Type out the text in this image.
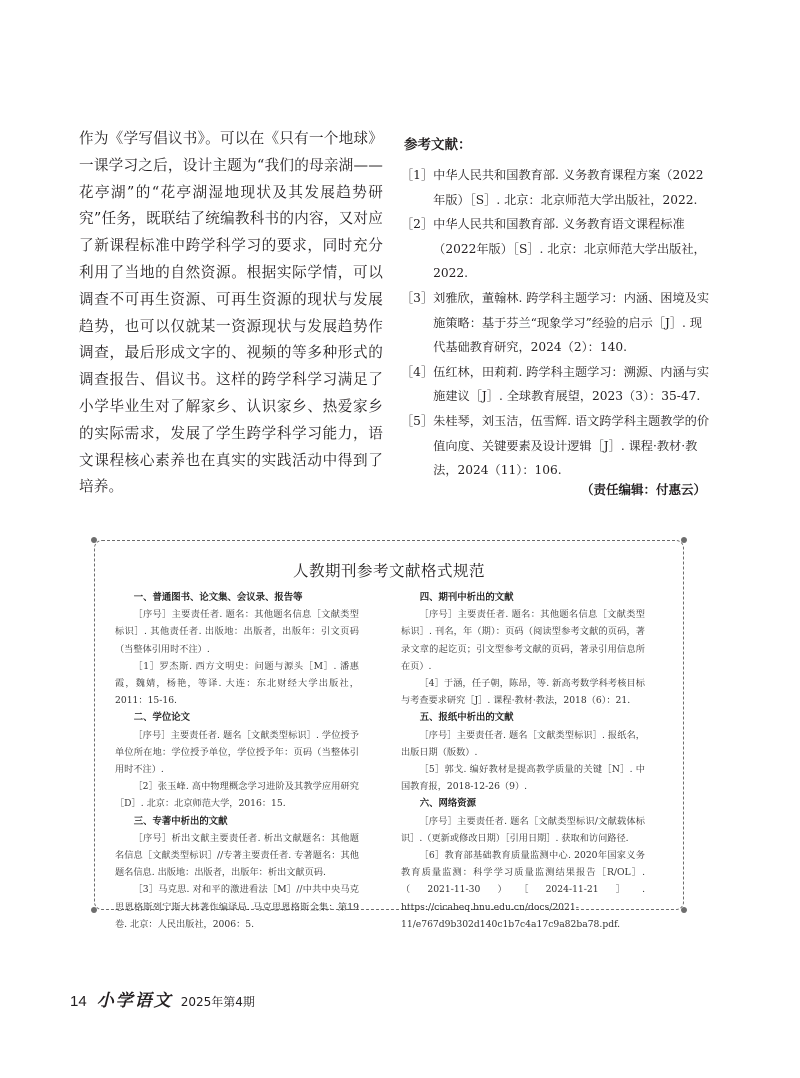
作为《学写倡议书》。可以在《只有一个地球》一课学习之后，设计主题为“我们的母亲湖——花亭湖”的“花亭湖湿地现状及其发展趋势研究”任务，既联结了统编教科书的内容，又对应了新课程标准中跨学科学习的要求，同时充分利用了当地的自然资源。根据实际学情，可以调查不可再生资源、可再生资源的现状与发展趋势，也可以仅就某一资源现状与发展趋势作调查，最后形成文字的、视频的等多种形式的调查报告、倡议书。这样的跨学科学习满足了小学毕业生对了解家乡、认识家乡、热爱家乡的实际需求，发展了学生跨学科学习能力，语文课程核心素养也在真实的实践活动中得到了培养。

参考文献：
［1］ 中华人民共和国教育部. 义务教育课程方案（2022年版）［S］. 北京：北京师范大学出版社，2022.
［2］ 中华人民共和国教育部. 义务教育语文课程标准（2022年版）［S］. 北京：北京师范大学出版社，2022.
［3］ 刘雅欣，董翰林. 跨学科主题学习：内涵、困境及实施策略：基于芬兰“现象学习”经验的启示［J］. 现代基础教育研究，2024（2）：140.
［4］ 伍红林，田莉莉. 跨学科主题学习：溯源、内涵与实施建议［J］. 全球教育展望，2023（3）：35-47.
［5］ 朱桂琴，刘玉洁，伍雪辉. 语文跨学科主题教学的价值向度、关键要素及设计逻辑［J］. 课程·教材·教法，2024（11）：106.
（责任编辑：付惠云）
人教期刊参考文献格式规范
一、普通图书、论文集、会议录、报告等

［序号］主要责任者. 题名：其他题名信息［文献类型标识］. 其他责任者. 出版地：出版者，出版年：引文页码（当整体引用时不注）.

［1］罗杰斯. 西方文明史：问题与源头［M］. 潘惠霞，魏婧，杨艳，等译. 大连：东北财经大学出版社，2011：15-16.

二、学位论文

［序号］主要责任者. 题名［文献类型标识］. 学位授予单位所在地：学位授予单位，学位授予年：页码（当整体引用时不注）.

［2］张玉峰. 高中物理概念学习进阶及其教学应用研究［D］. 北京：北京师范大学，2016：15.

三、专著中析出的文献

［序号］析出文献主要责任者. 析出文献题名：其他题名信息［文献类型标识］//专著主要责任者. 专著题名：其他题名信息. 出版地：出版者，出版年：析出文献页码.

［3］马克思. 对和平的激进看法［M］//中共中央马克思恩格斯列宁斯大林著作编译局. 马克思恩格斯全集：第19卷. 北京：人民出版社，2006：5.

四、期刊中析出的文献

［序号］主要责任者. 题名：其他题名信息［文献类型标识］. 刊名，年（期）：页码（阅读型参考文献的页码，著录文章的起讫页；引文型参考文献的页码，著录引用信息所在页）.

［4］于涵，任子朝，陈昂，等. 新高考数学科考核目标与考查要求研究［J］. 课程·教材·教法，2018（6）：21.

五、报纸中析出的文献

［序号］主要责任者. 题名［文献类型标识］. 报纸名，出版日期（版数）.

［5］郭戈. 编好教材是提高教学质量的关键［N］. 中国教育报，2018-12-26（9）.

六、网络资源

［序号］主要责任者. 题名［文献类型标识/文献载体标识］.（更新或修改日期）［引用日期］. 获取和访问路径.

［6］教育部基础教育质量监测中心. 2020年国家义务教育质量监测：科学学习质量监测结果报告［R/OL］.（2021-11-30）［2024-11-21］. https://cicabeq.bnu.edu.cn/docs/2021-11/e767d9b302d140c1b7c4a17c9a82ba78.pdf.

14 小学语文 2025年第4期
